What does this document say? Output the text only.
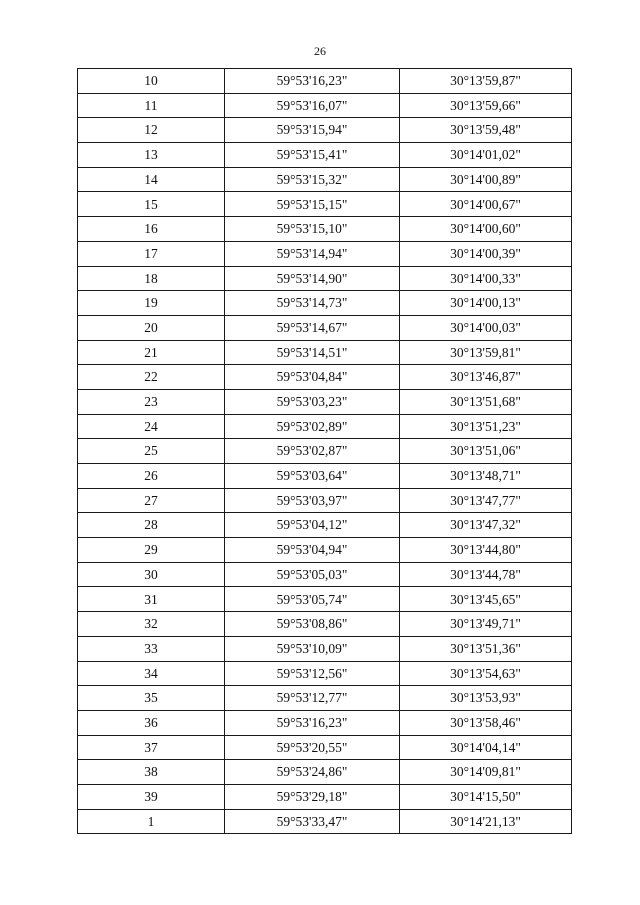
26
10	59°53'16,23"	30°13'59,87"
11	59°53'16,07"	30°13'59,66"
12	59°53'15,94"	30°13'59,48"
13	59°53'15,41"	30°14'01,02"
14	59°53'15,32"	30°14'00,89"
15	59°53'15,15"	30°14'00,67"
16	59°53'15,10"	30°14'00,60"
17	59°53'14,94"	30°14'00,39"
18	59°53'14,90"	30°14'00,33"
19	59°53'14,73"	30°14'00,13"
20	59°53'14,67"	30°14'00,03"
21	59°53'14,51"	30°13'59,81"
22	59°53'04,84"	30°13'46,87"
23	59°53'03,23"	30°13'51,68"
24	59°53'02,89"	30°13'51,23"
25	59°53'02,87"	30°13'51,06"
26	59°53'03,64"	30°13'48,71"
27	59°53'03,97"	30°13'47,77"
28	59°53'04,12"	30°13'47,32"
29	59°53'04,94"	30°13'44,80"
30	59°53'05,03"	30°13'44,78"
31	59°53'05,74"	30°13'45,65"
32	59°53'08,86"	30°13'49,71"
33	59°53'10,09"	30°13'51,36"
34	59°53'12,56"	30°13'54,63"
35	59°53'12,77"	30°13'53,93"
36	59°53'16,23"	30°13'58,46"
37	59°53'20,55"	30°14'04,14"
38	59°53'24,86"	30°14'09,81"
39	59°53'29,18"	30°14'15,50"
1	59°53'33,47"	30°14'21,13"
